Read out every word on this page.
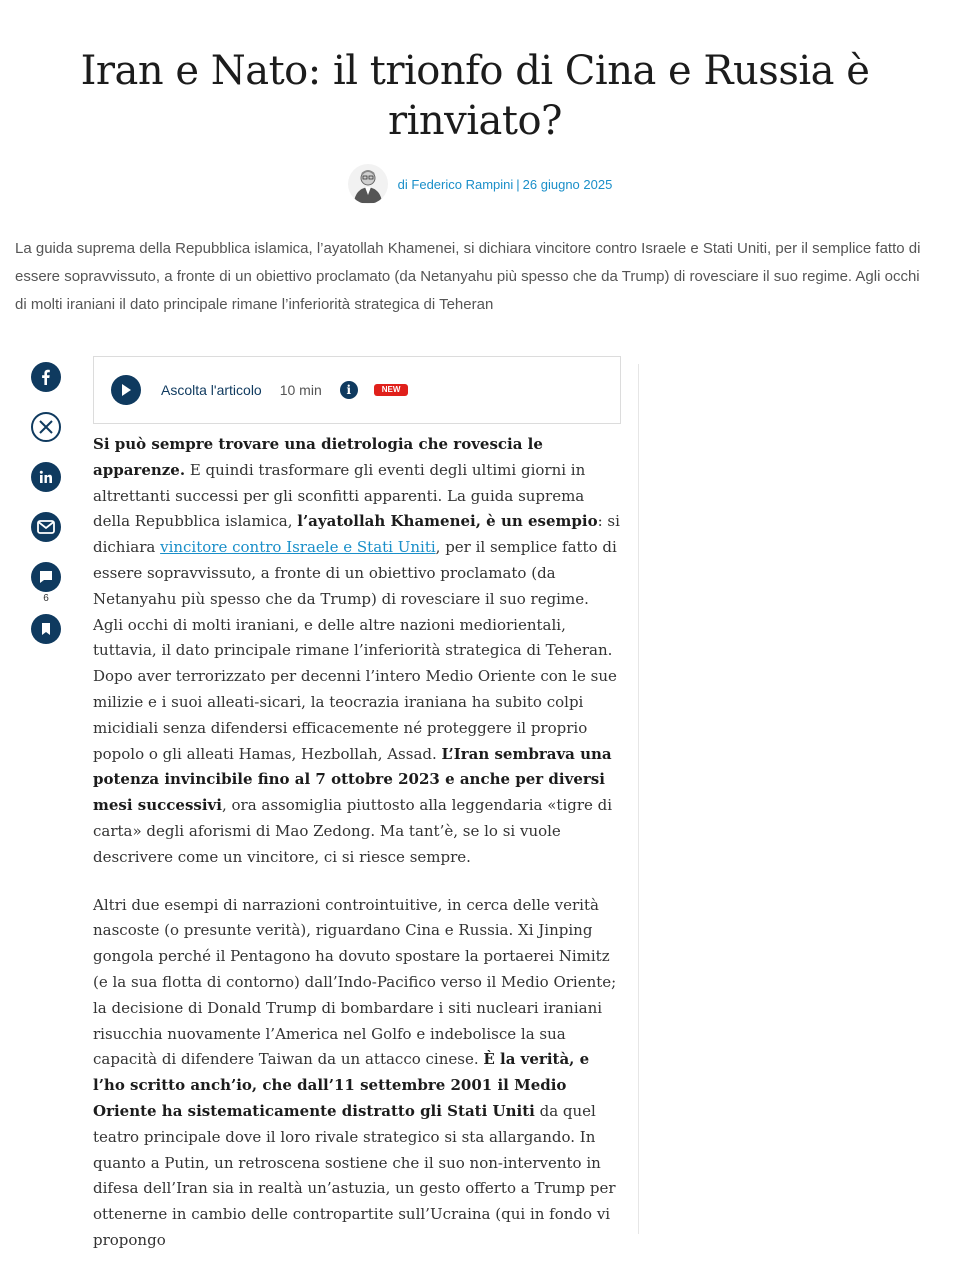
Iran e Nato: il trionfo di Cina e Russia è rinviato?
di Federico Rampini | 26 giugno 2025

La guida suprema della Repubblica islamica, l’ayatollah Khamenei, si dichiara vincitore contro Israele e Stati Uniti, per il semplice fatto di essere sopravvissuto, a fronte di un obiettivo proclamato (da Netanyahu più spesso che da Trump) di rovesciare il suo regime. Agli occhi di molti iraniani il dato principale rimane l’inferiorità strategica di Teheran

6
Ascolta l'articolo 10 min	i	NEW

Si può sempre trovare una dietrologia che rovescia le apparenze. E quindi trasformare gli eventi degli ultimi giorni in altrettanti successi per gli sconfitti apparenti. La guida suprema della Repubblica islamica, l’ayatollah Khamenei, è un esempio: si dichiara vincitore contro Israele e Stati Uniti, per il semplice fatto di essere sopravvissuto, a fronte di un obiettivo proclamato (da Netanyahu più spesso che da Trump) di rovesciare il suo regime. Agli occhi di molti iraniani, e delle altre nazioni mediorientali, tuttavia, il dato principale rimane l’inferiorità strategica di Teheran. Dopo aver terrorizzato per decenni l’intero Medio Oriente con le sue milizie e i suoi alleati-sicari, la teocrazia iraniana ha subito colpi micidiali senza difendersi efficacemente né proteggere il proprio popolo o gli alleati Hamas, Hezbollah, Assad. L’Iran sembrava una potenza invincibile fino al 7 ottobre 2023 e anche per diversi mesi successivi, ora assomiglia piuttosto alla leggendaria «tigre di carta» degli aforismi di Mao Zedong. Ma tant’è, se lo si vuole descrivere come un vincitore, ci si riesce sempre.

Altri due esempi di narrazioni controintuitive, in cerca delle verità nascoste (o presunte verità), riguardano Cina e Russia. Xi Jinping gongola perché il Pentagono ha dovuto spostare la portaerei Nimitz (e la sua flotta di contorno) dall’Indo-Pacifico verso il Medio Oriente; la decisione di Donald Trump di bombardare i siti nucleari iraniani risucchia nuovamente l’America nel Golfo e indebolisce la sua capacità di difendere Taiwan da un attacco cinese. È la verità, e l’ho scritto anch’io, che dall’11 settembre 2001 il Medio Oriente ha sistematicamente distratto gli Stati Uniti da quel teatro principale dove il loro rivale strategico si sta allargando. In quanto a Putin, un retroscena sostiene che il suo non-intervento in difesa dell’Iran sia in realtà un’astuzia, un gesto offerto a Trump per ottenerne in cambio delle contropartite sull’Ucraina (qui in fondo vi propongo
